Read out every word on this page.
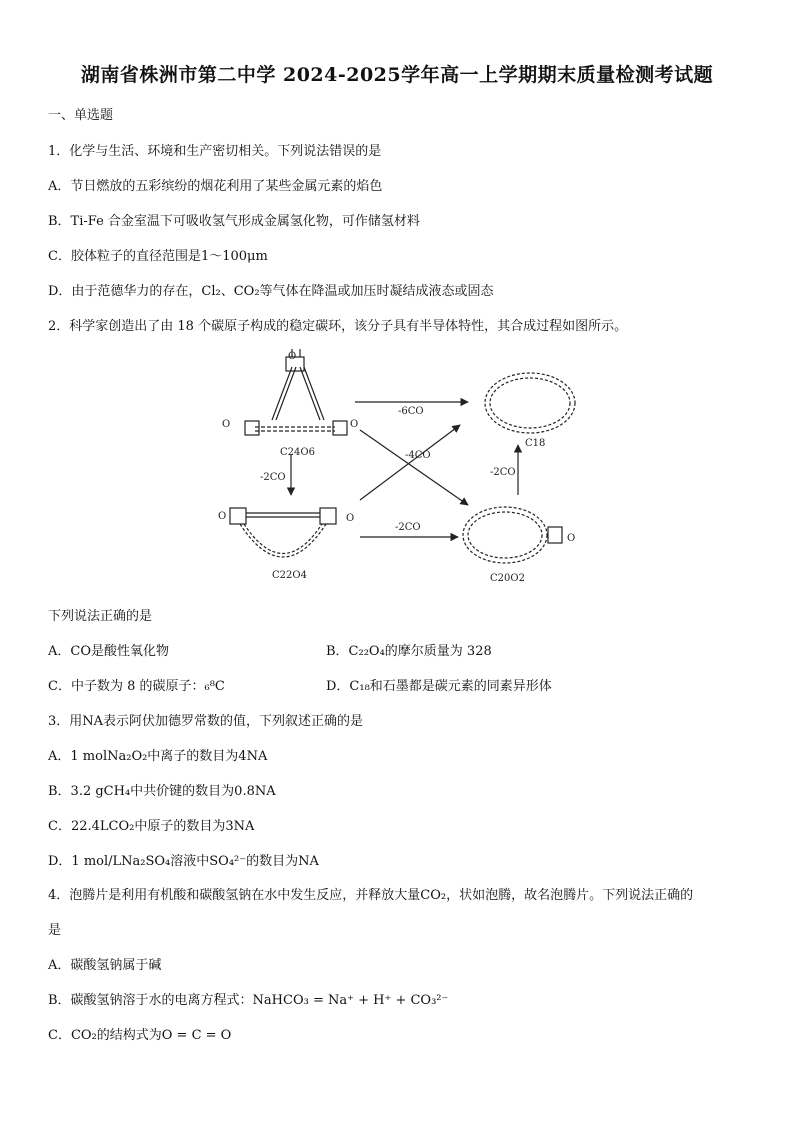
湖南省株洲市第二中学 2024-2025学年高一上学期期末质量检测考试题
一、单选题
1．化学与生活、环境和生产密切相关。下列说法错误的是
A．节日燃放的五彩缤纷的烟花利用了某些金属元素的焰色
B．Ti-Fe 合金室温下可吸收氢气形成金属氢化物，可作储氢材料
C．胶体粒子的直径范围是1～100μm
D．由于范德华力的存在，Cl₂、CO₂等气体在降温或加压时凝结成液态或固态
2．科学家创造出了由 18 个碳原子构成的稳定碳环，该分子具有半导体特性，其合成过程如图所示。
C24O6
C22O4	C20O2
C18
-6CO
-4CO
-2CO
-2CO
-2CO
O
O	O
O	O
O
下列说法正确的是
A．CO是酸性氧化物	B．C₂₂O₄的摩尔质量为 328
C．中子数为 8 的碳原子：₆⁸C	D．C₁₈和石墨都是碳元素的同素异形体
3．用NA表示阿伏加德罗常数的值，下列叙述正确的是
A．1 molNa₂O₂中离子的数目为4NA
B．3.2 gCH₄中共价键的数目为0.8NA
C．22.4LCO₂中原子的数目为3NA
D．1 mol/LNa₂SO₄溶液中SO₄²⁻的数目为NA
4．泡腾片是利用有机酸和碳酸氢钠在水中发生反应，并释放大量CO₂，状如泡腾，故名泡腾片。下列说法正确的
是
A．碳酸氢钠属于碱
B．碳酸氢钠溶于水的电离方程式：NaHCO₃ = Na⁺ + H⁺ + CO₃²⁻
C．CO₂的结构式为O = C = O
